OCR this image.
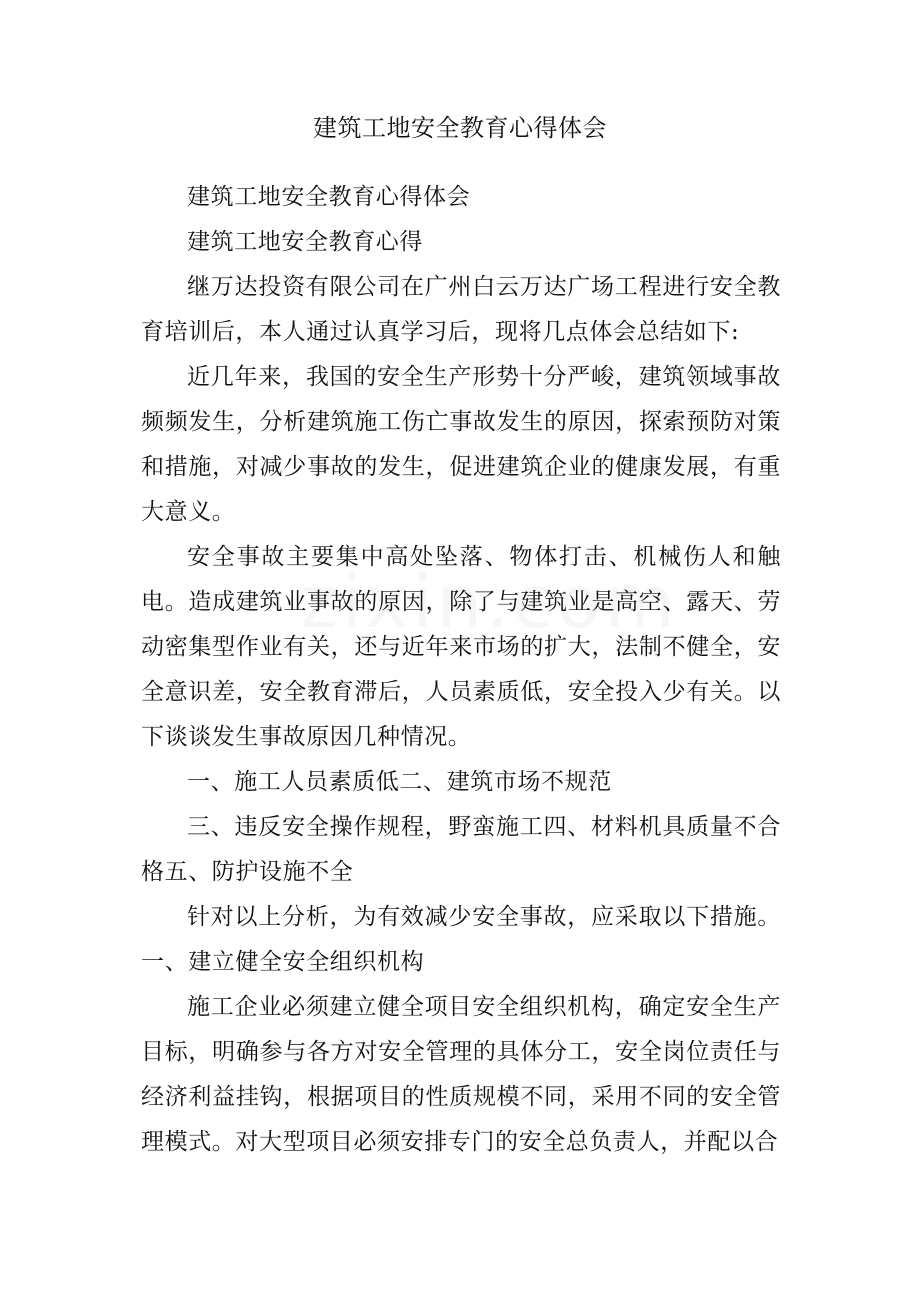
建筑工地安全教育心得体会

建筑工地安全教育心得体会

建筑工地安全教育心得

继万达投资有限公司在广州白云万达广场工程进行安全教育培训后，本人通过认真学习后，现将几点体会总结如下:

近几年来，我国的安全生产形势十分严峻，建筑领域事故频频发生，分析建筑施工伤亡事故发生的原因，探索预防对策和措施，对减少事故的发生，促进建筑企业的健康发展，有重大意义。

安全事故主要集中高处坠落、物体打击、机械伤人和触电。造成建筑业事故的原因，除了与建筑业是高空、露天、劳动密集型作业有关，还与近年来市场的扩大，法制不健全，安全意识差，安全教育滞后，人员素质低，安全投入少有关。以下谈谈发生事故原因几种情况。

一、施工人员素质低二、建筑市场不规范

三、违反安全操作规程，野蛮施工四、材料机具质量不合格五、防护设施不全

针对以上分析，为有效减少安全事故，应采取以下措施。一、建立健全安全组织机构

施工企业必须建立健全项目安全组织机构，确定安全生产目标，明确参与各方对安全管理的具体分工，安全岗位责任与经济利益挂钩，根据项目的性质规模不同，采用不同的安全管理模式。对大型项目必须安排专门的安全总负责人，并配以合
